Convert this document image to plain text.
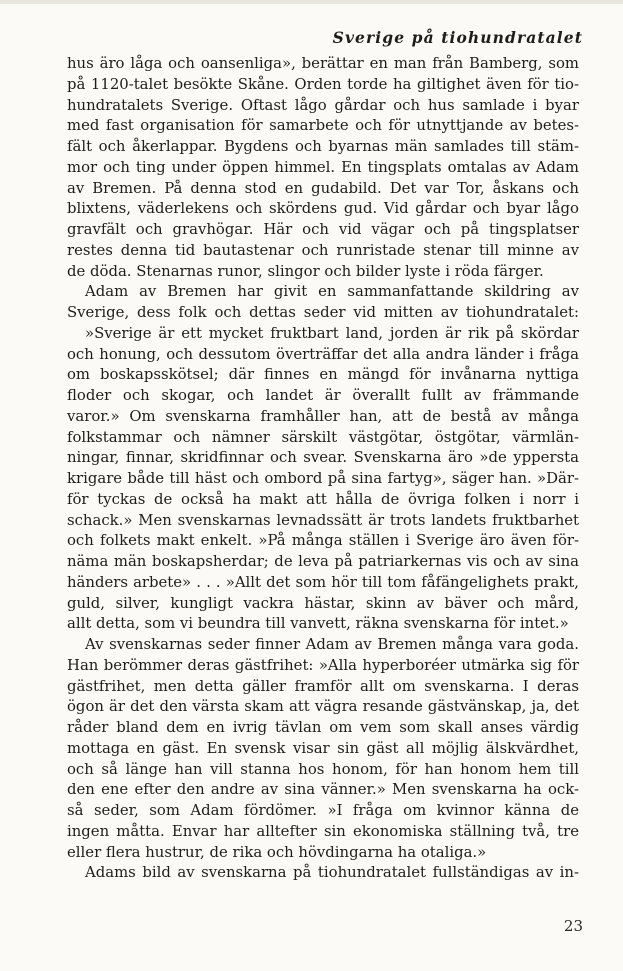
Sverige på tiohundratalet
hus äro låga och oansenliga», berättar en man från Bamberg, som
på 1120-talet besökte Skåne. Orden torde ha giltighet även för tio-
hundratalets Sverige. Oftast lågo gårdar och hus samlade i byar
med fast organisation för samarbete och för utnyttjande av betes-
fält och åkerlappar. Bygdens och byarnas män samlades till stäm-
mor och ting under öppen himmel. En tingsplats omtalas av Adam
av Bremen. På denna stod en gudabild. Det var Tor, åskans och
blixtens, väderlekens och skördens gud. Vid gårdar och byar lågo
gravfält och gravhögar. Här och vid vägar och på tingsplatser
restes denna tid bautastenar och runristade stenar till minne av
de döda. Stenarnas runor, slingor och bilder lyste i röda färger.
Adam av Bremen har givit en sammanfattande skildring av
Sverige, dess folk och dettas seder vid mitten av tiohundratalet:
»Sverige är ett mycket fruktbart land, jorden är rik på skördar
och honung, och dessutom överträffar det alla andra länder i fråga
om boskapsskötsel; där finnes en mängd för invånarna nyttiga
floder och skogar, och landet är överallt fullt av främmande
varor.» Om svenskarna framhåller han, att de bestå av många
folkstammar och nämner särskilt västgötar, östgötar, värmlän-
ningar, finnar, skridfinnar och svear. Svenskarna äro »de yppersta
krigare både till häst och ombord på sina fartyg», säger han. »Där-
för tyckas de också ha makt att hålla de övriga folken i norr i
schack.» Men svenskarnas levnadssätt är trots landets fruktbarhet
och folkets makt enkelt. »På många ställen i Sverige äro även för-
näma män boskapsherdar; de leva på patriarkernas vis och av sina
händers arbete» . . . »Allt det som hör till tom fåfängelighets prakt,
guld, silver, kungligt vackra hästar, skinn av bäver och mård,
allt detta, som vi beundra till vanvett, räkna svenskarna för intet.»
Av svenskarnas seder finner Adam av Bremen många vara goda.
Han berömmer deras gästfrihet: »Alla hyperboréer utmärka sig för
gästfrihet, men detta gäller framför allt om svenskarna. I deras
ögon är det den värsta skam att vägra resande gästvänskap, ja, det
råder bland dem en ivrig tävlan om vem som skall anses värdig
mottaga en gäst. En svensk visar sin gäst all möjlig älskvärdhet,
och så länge han vill stanna hos honom, för han honom hem till
den ene efter den andre av sina vänner.» Men svenskarna ha ock-
så seder, som Adam fördömer. »I fråga om kvinnor känna de
ingen måtta. Envar har alltefter sin ekonomiska ställning två, tre
eller flera hustrur, de rika och hövdingarna ha otaliga.»
Adams bild av svenskarna på tiohundratalet fullständigas av in-
23
